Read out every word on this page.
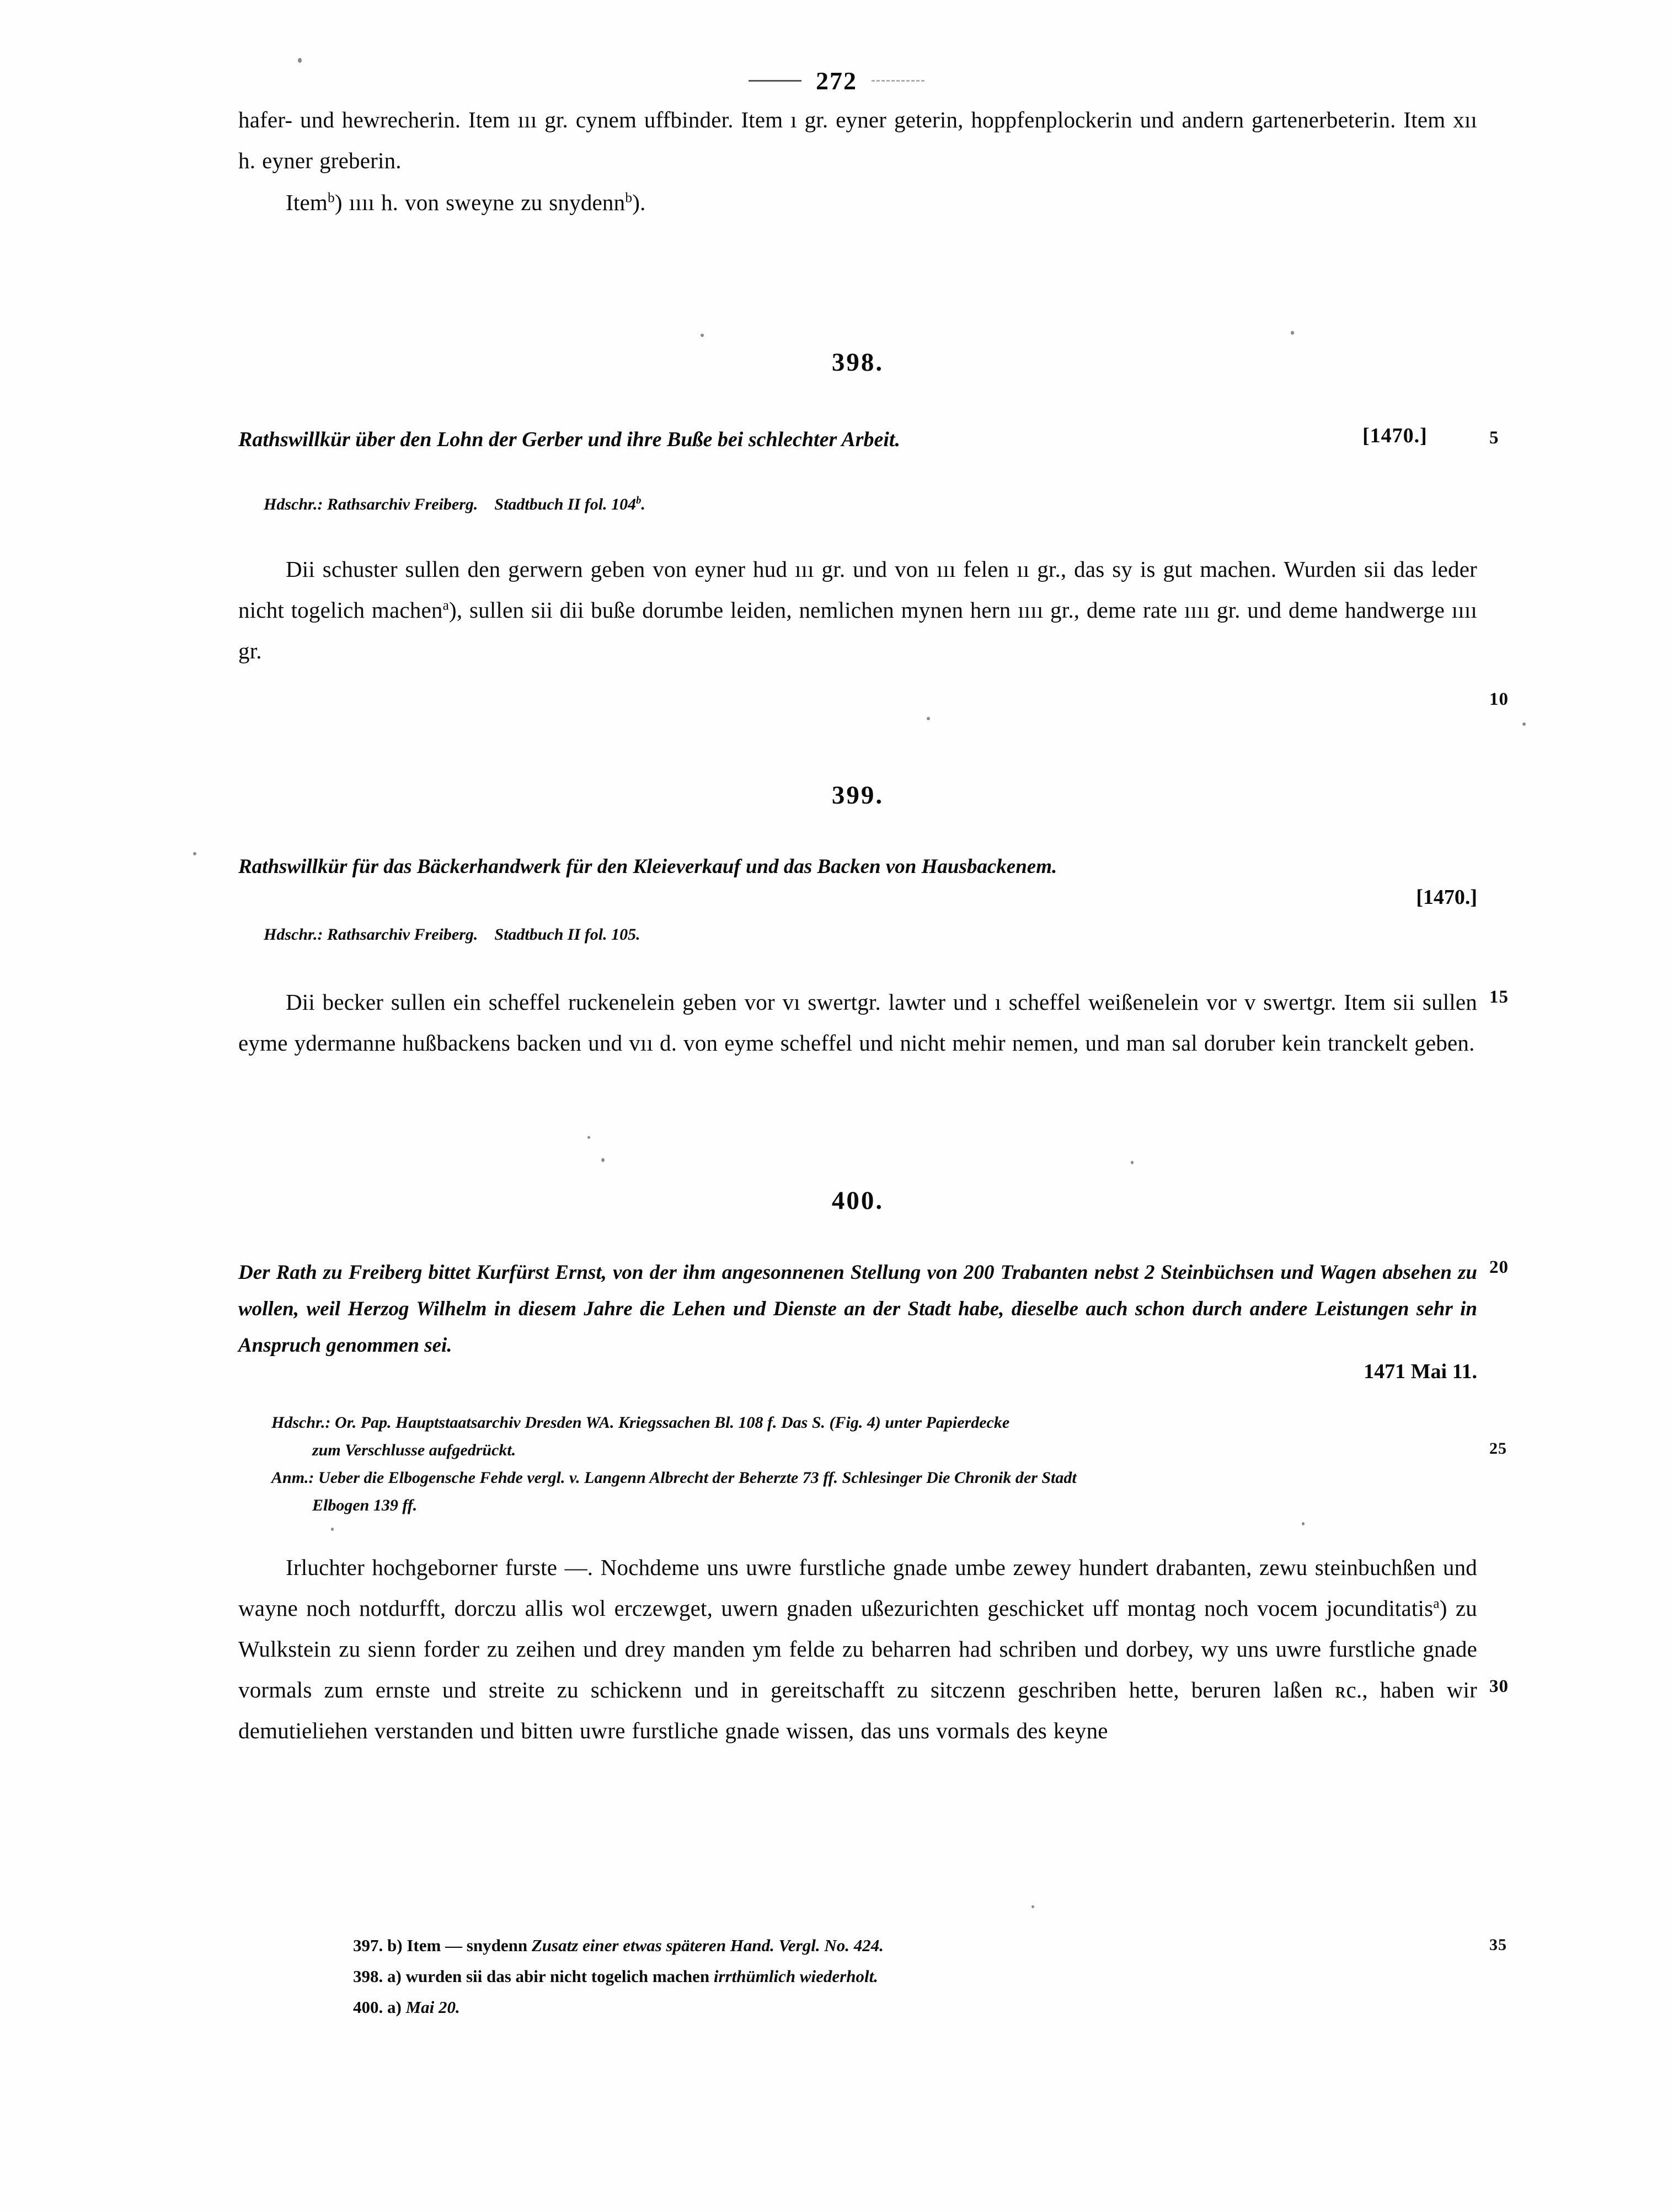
272
hafer- und hewrecherin. Item ııı gr. cynem uffbinder. Item ı gr. eyner geterin, hoppfenplockerin und andern gartenerbeterin. Item xıı h. eyner greberin.
Item$^b$) ıııı h. von sweyne zu snydenn$^b$).
398.
Rathswillkür über den Lohn der Gerber und ihre Buße bei schlechter Arbeit.	[1470.]	5
Hdschr.: Rathsarchiv Freiberg. Stadtbuch II fol. 104$^b$.
Dii schuster sullen den gerwern geben von eyner hud ııı gr. und von ııı felen ıı gr., das sy is gut machen. Wurden sii das leder nicht togelich machen$^a$), sullen sii dii buße dorumbe leiden, nemlichen mynen hern ıııı gr., deme rate ıııı gr. und deme handwerge ıııı gr.
10
399.
Rathswillkür für das Bäckerhandwerk für den Kleieverkauf und das Backen von Hausbackenem.
[1470.]
Hdschr.: Rathsarchiv Freiberg. Stadtbuch II fol. 105.
Dii becker sullen ein scheffel ruckenelein geben vor vı swertgr. lawter und ı scheffel weißenelein vor v swertgr. Item sii sullen eyme ydermanne hußbackens backen und vıı d. von eyme scheffel und nicht mehir nemen, und man sal doruber kein tranckelt geben.
15
400.
Der Rath zu Freiberg bittet Kurfürst Ernst, von der ihm angesonnenen Stellung von 200 Trabanten nebst 2 Steinbüchsen und Wagen absehen zu wollen, weil Herzog Wilhelm in diesem Jahre die Lehen und Dienste an der Stadt habe, dieselbe auch schon durch andere Leistungen sehr in Anspruch genommen sei.
20
1471 Mai 11.
Hdschr.: Or. Pap. Hauptstaatsarchiv Dresden WA. Kriegssachen Bl. 108 f. Das S. (Fig. 4) unter Papierdecke
zum Verschlusse aufgedrückt.	25
Anm.: Ueber die Elbogensche Fehde vergl. v. Langenn Albrecht der Beherzte 73 ff. Schlesinger Die Chronik der Stadt
Elbogen 139 ff.
Irluchter hochgeborner furste —. Nochdeme uns uwre furstliche gnade umbe zewey hundert drabanten, zewu steinbuchßen und wayne noch notdurfft, dorczu allis wol erczewget, uwern gnaden ußezurichten geschicket uff montag noch vocem jocunditatis$^a$) zu Wulkstein zu sienn forder zu zeihen und drey manden ym felde zu beharren had schriben und dorbey, wy uns uwre furstliche gnade vormals zum ernste und streite zu schickenn und in gereitschafft zu sitczenn geschriben hette, beruren laßen ʀc., haben wir demutieliehen verstanden und bitten uwre furstliche gnade wissen, das uns vormals des keyne
30
397. b) Item — snydenn Zusatz einer etwas späteren Hand. Vergl. No. 424.
398. a) wurden sii das abir nicht togelich machen irrthümlich wiederholt.
400. a) Mai 20.
35
